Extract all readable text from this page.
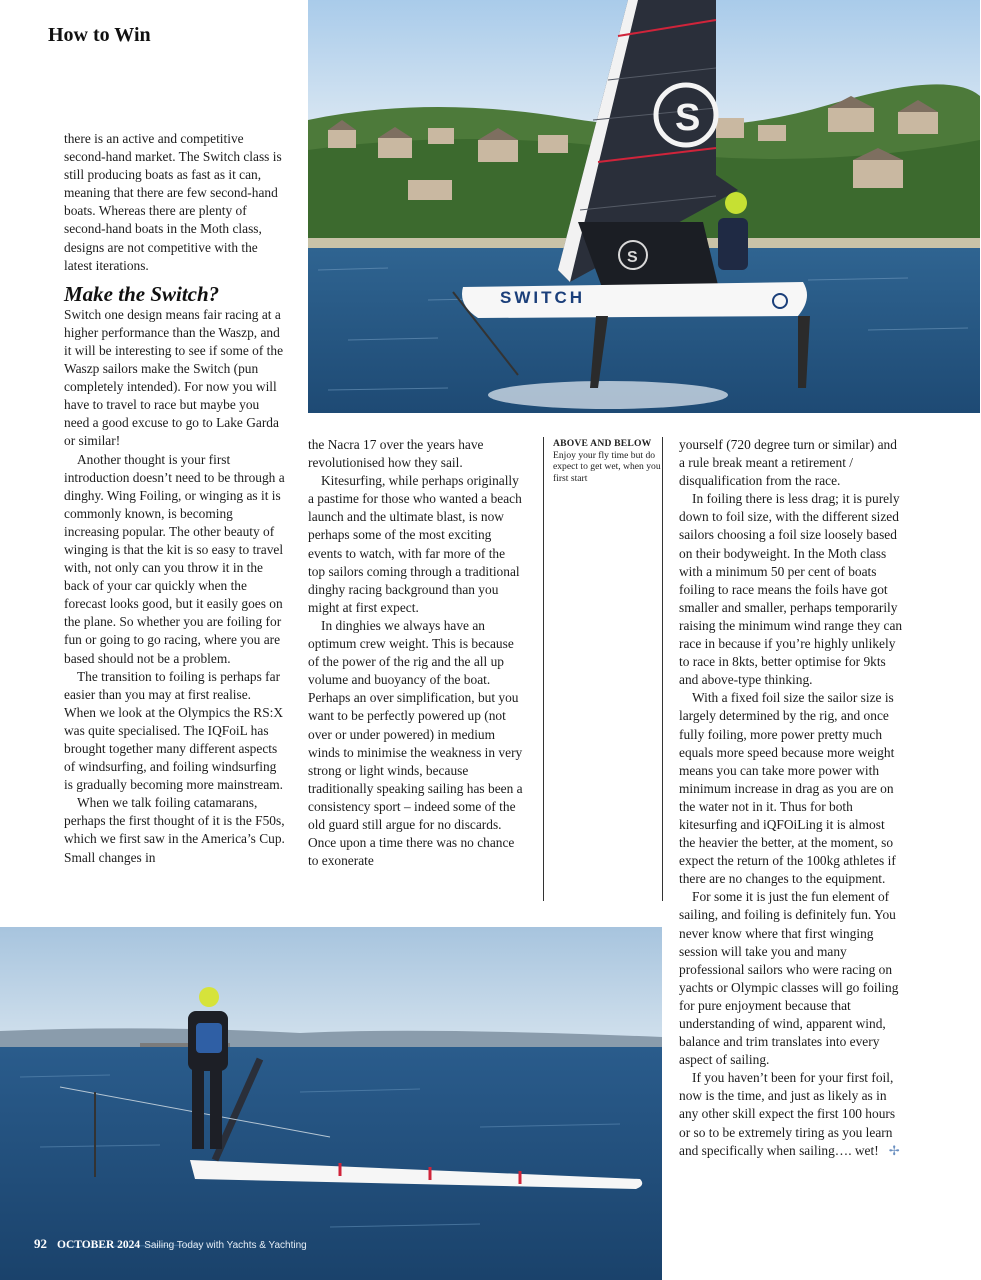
How to Win
S
S
SWITCH

there is an active and competitive second-hand market. The Switch class is still producing boats as fast as it can, meaning that there are few second-hand boats. Whereas there are plenty of second-hand boats in the Moth class, designs are not competitive with the latest iterations.

Make the Switch?

Switch one design means fair racing at a higher performance than the Waszp, and it will be interesting to see if some of the Waszp sailors make the Switch (pun completely intended). For now you will have to travel to race but maybe you need a good excuse to go to Lake Garda or similar!

Another thought is your first introduction doesn’t need to be through a dinghy. Wing Foiling, or winging as it is commonly known, is becoming increasing popular. The other beauty of winging is that the kit is so easy to travel with, not only can you throw it in the back of your car quickly when the forecast looks good, but it easily goes on the plane. So whether you are foiling for fun or going to go racing, where you are based should not be a problem.

The transition to foiling is perhaps far easier than you may at first realise. When we look at the Olympics the RS:X was quite specialised. The IQFoiL has brought together many different aspects of windsurfing, and foiling windsurfing is gradually becoming more mainstream.

When we talk foiling catamarans, perhaps the first thought of it is the F50s, which we first saw in the America’s Cup. Small changes in

the Nacra 17 over the years have revolutionised how they sail.

Kitesurfing, while perhaps originally a pastime for those who wanted a beach launch and the ultimate blast, is now perhaps some of the most exciting events to watch, with far more of the top sailors coming through a traditional dinghy racing background than you might at first expect.

In dinghies we always have an optimum crew weight. This is because of the power of the rig and the all up volume and buoyancy of the boat. Perhaps an over simplification, but you want to be perfectly powered up (not over or under powered) in medium winds to minimise the weakness in very strong or light winds, because traditionally speaking sailing has been a consistency sport – indeed some of the old guard still argue for no discards. Once upon a time there was no chance to exonerate

ABOVE AND BELOW
Enjoy your fly time but do expect to get wet, when you first start

yourself (720 degree turn or similar) and a rule break meant a retirement / disqualification from the race.

In foiling there is less drag; it is purely down to foil size, with the different sized sailors choosing a foil size loosely based on their bodyweight. In the Moth class with a minimum 50 per cent of boats foiling to race means the foils have got smaller and smaller, perhaps temporarily raising the minimum wind range they can race in because if you’re highly unlikely to race in 8kts, better optimise for 9kts and above-type thinking.

With a fixed foil size the sailor size is largely determined by the rig, and once fully foiling, more power pretty much equals more speed because more weight means you can take more power with minimum increase in drag as you are on the water not in it. Thus for both kitesurfing and iQFOiLing it is almost the heavier the better, at the moment, so expect the return of the 100kg athletes if there are no changes to the equipment.

For some it is just the fun element of sailing, and foiling is definitely fun. You never know where that first winging session will take you and many professional sailors who were racing on yachts or Olympic classes will go foiling for pure enjoyment because that understanding of wind, apparent wind, balance and trim translates into every aspect of sailing.

If you haven’t been for your first foil, now is the time, and just as likely as in any other skill expect the first 100 hours or so to be extremely tiring as you learn and specifically when sailing…. wet! ✢

92 OCTOBER 2024 Sailing Today with Yachts & Yachting
